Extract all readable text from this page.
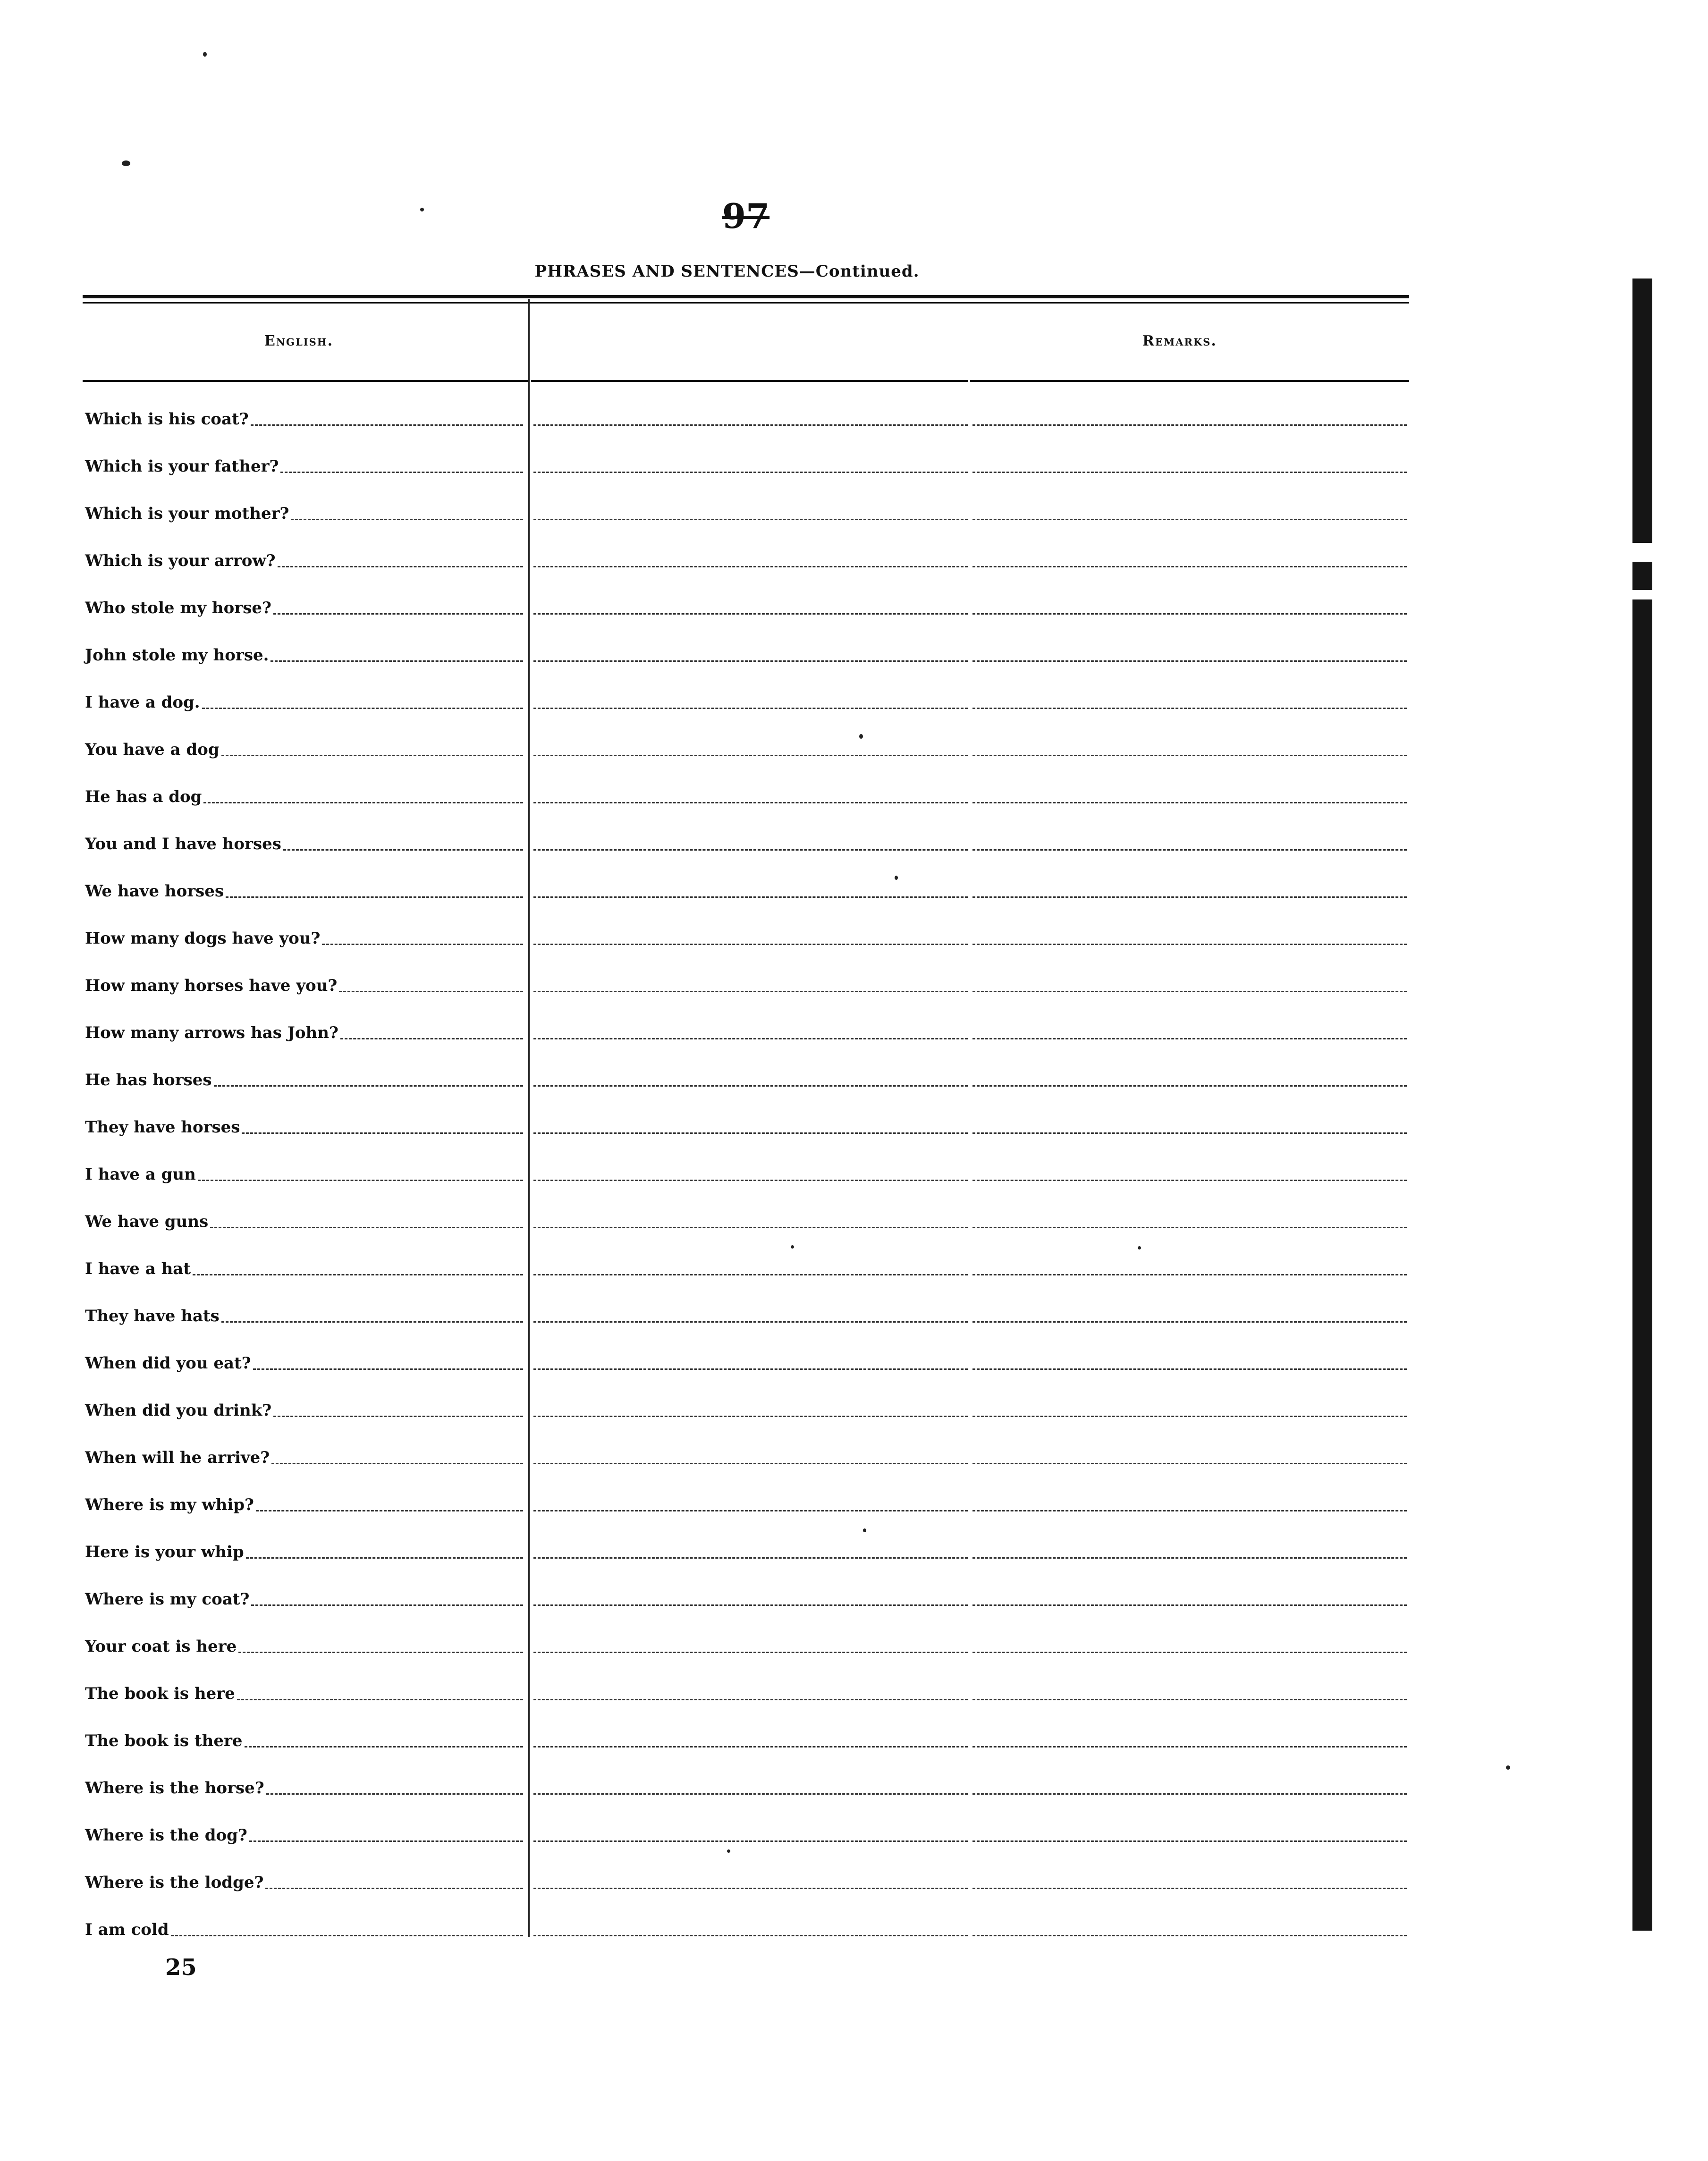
97
PHRASES AND SENTENCES—Continued.
English.	Remarks.
Which is his coat?
Which is your father?
Which is your mother?
Which is your arrow?
Who stole my horse?
John stole my horse.
I have a dog.
You have a dog
He has a dog
You and I have horses
We have horses
How many dogs have you?
How many horses have you?
How many arrows has John?
He has horses
They have horses
I have a gun
We have guns
I have a hat
They have hats
When did you eat?
When did you drink?
When will he arrive?
Where is my whip?
Here is your whip
Where is my coat?
Your coat is here
The book is here
The book is there
Where is the horse?
Where is the dog?
Where is the lodge?
I am cold
25
